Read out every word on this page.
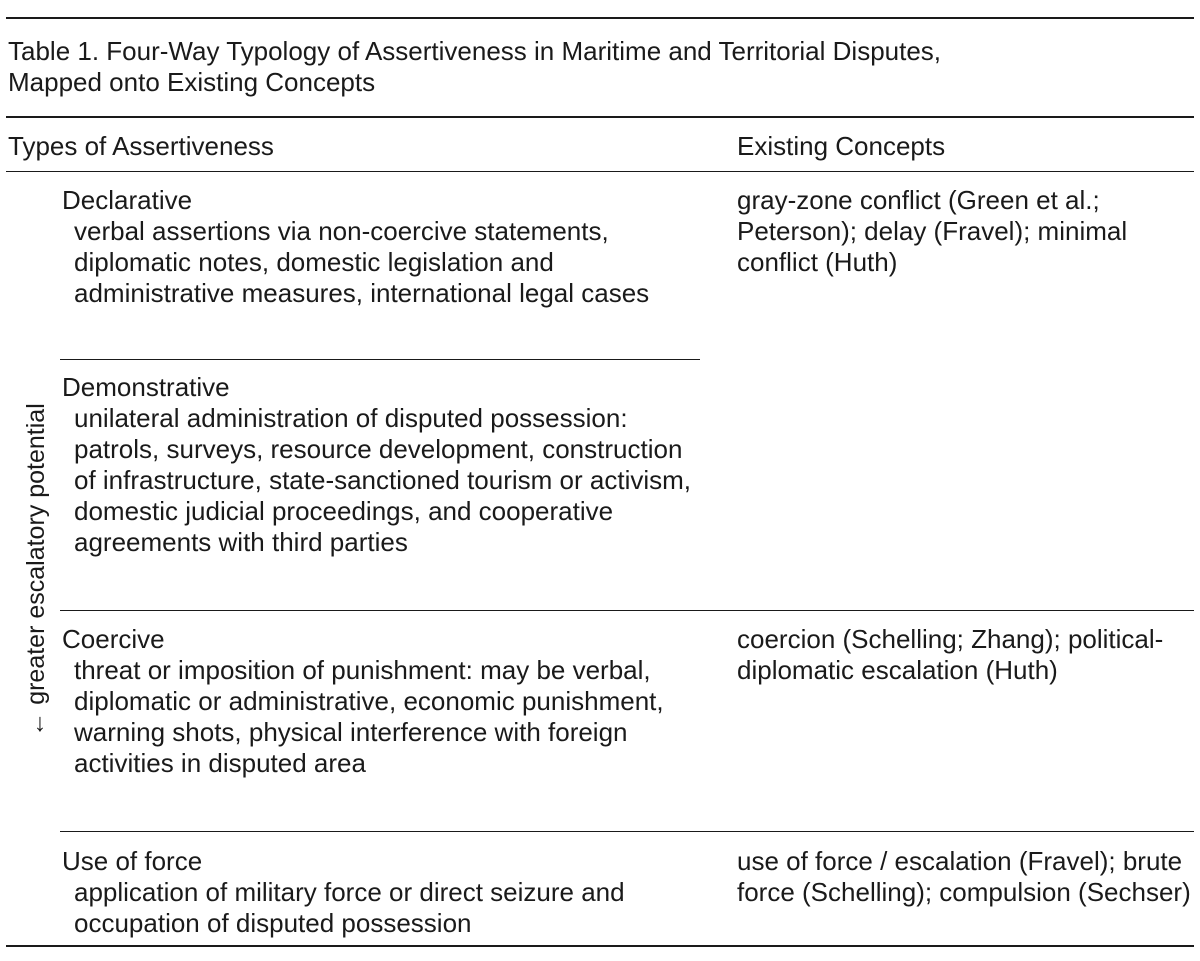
Table 1. Four-Way Typology of Assertiveness in Maritime and Territorial Disputes,
Mapped onto Existing Concepts
Types of Assertiveness	Existing Concepts
← greater escalatory potential
Declarative
verbal assertions via non-coercive statements, diplomatic notes, domestic legislation and administrative measures, international legal cases
gray-zone conflict (Green et al.; Peterson); delay (Fravel); minimal conflict (Huth)
Demonstrative
unilateral administration of disputed possession: patrols, surveys, resource development, construction of infrastructure, state-sanctioned tourism or activism, domestic judicial proceedings, and cooperative agreements with third parties
Coercive
threat or imposition of punishment: may be verbal, diplomatic or administrative, economic punishment, warning shots, physical interference with foreign activities in disputed area
coercion (Schelling; Zhang); political-diplomatic escalation (Huth)
Use of force
application of military force or direct seizure and occupation of disputed possession
use of force / escalation (Fravel); brute force (Schelling); compulsion (Sechser)
